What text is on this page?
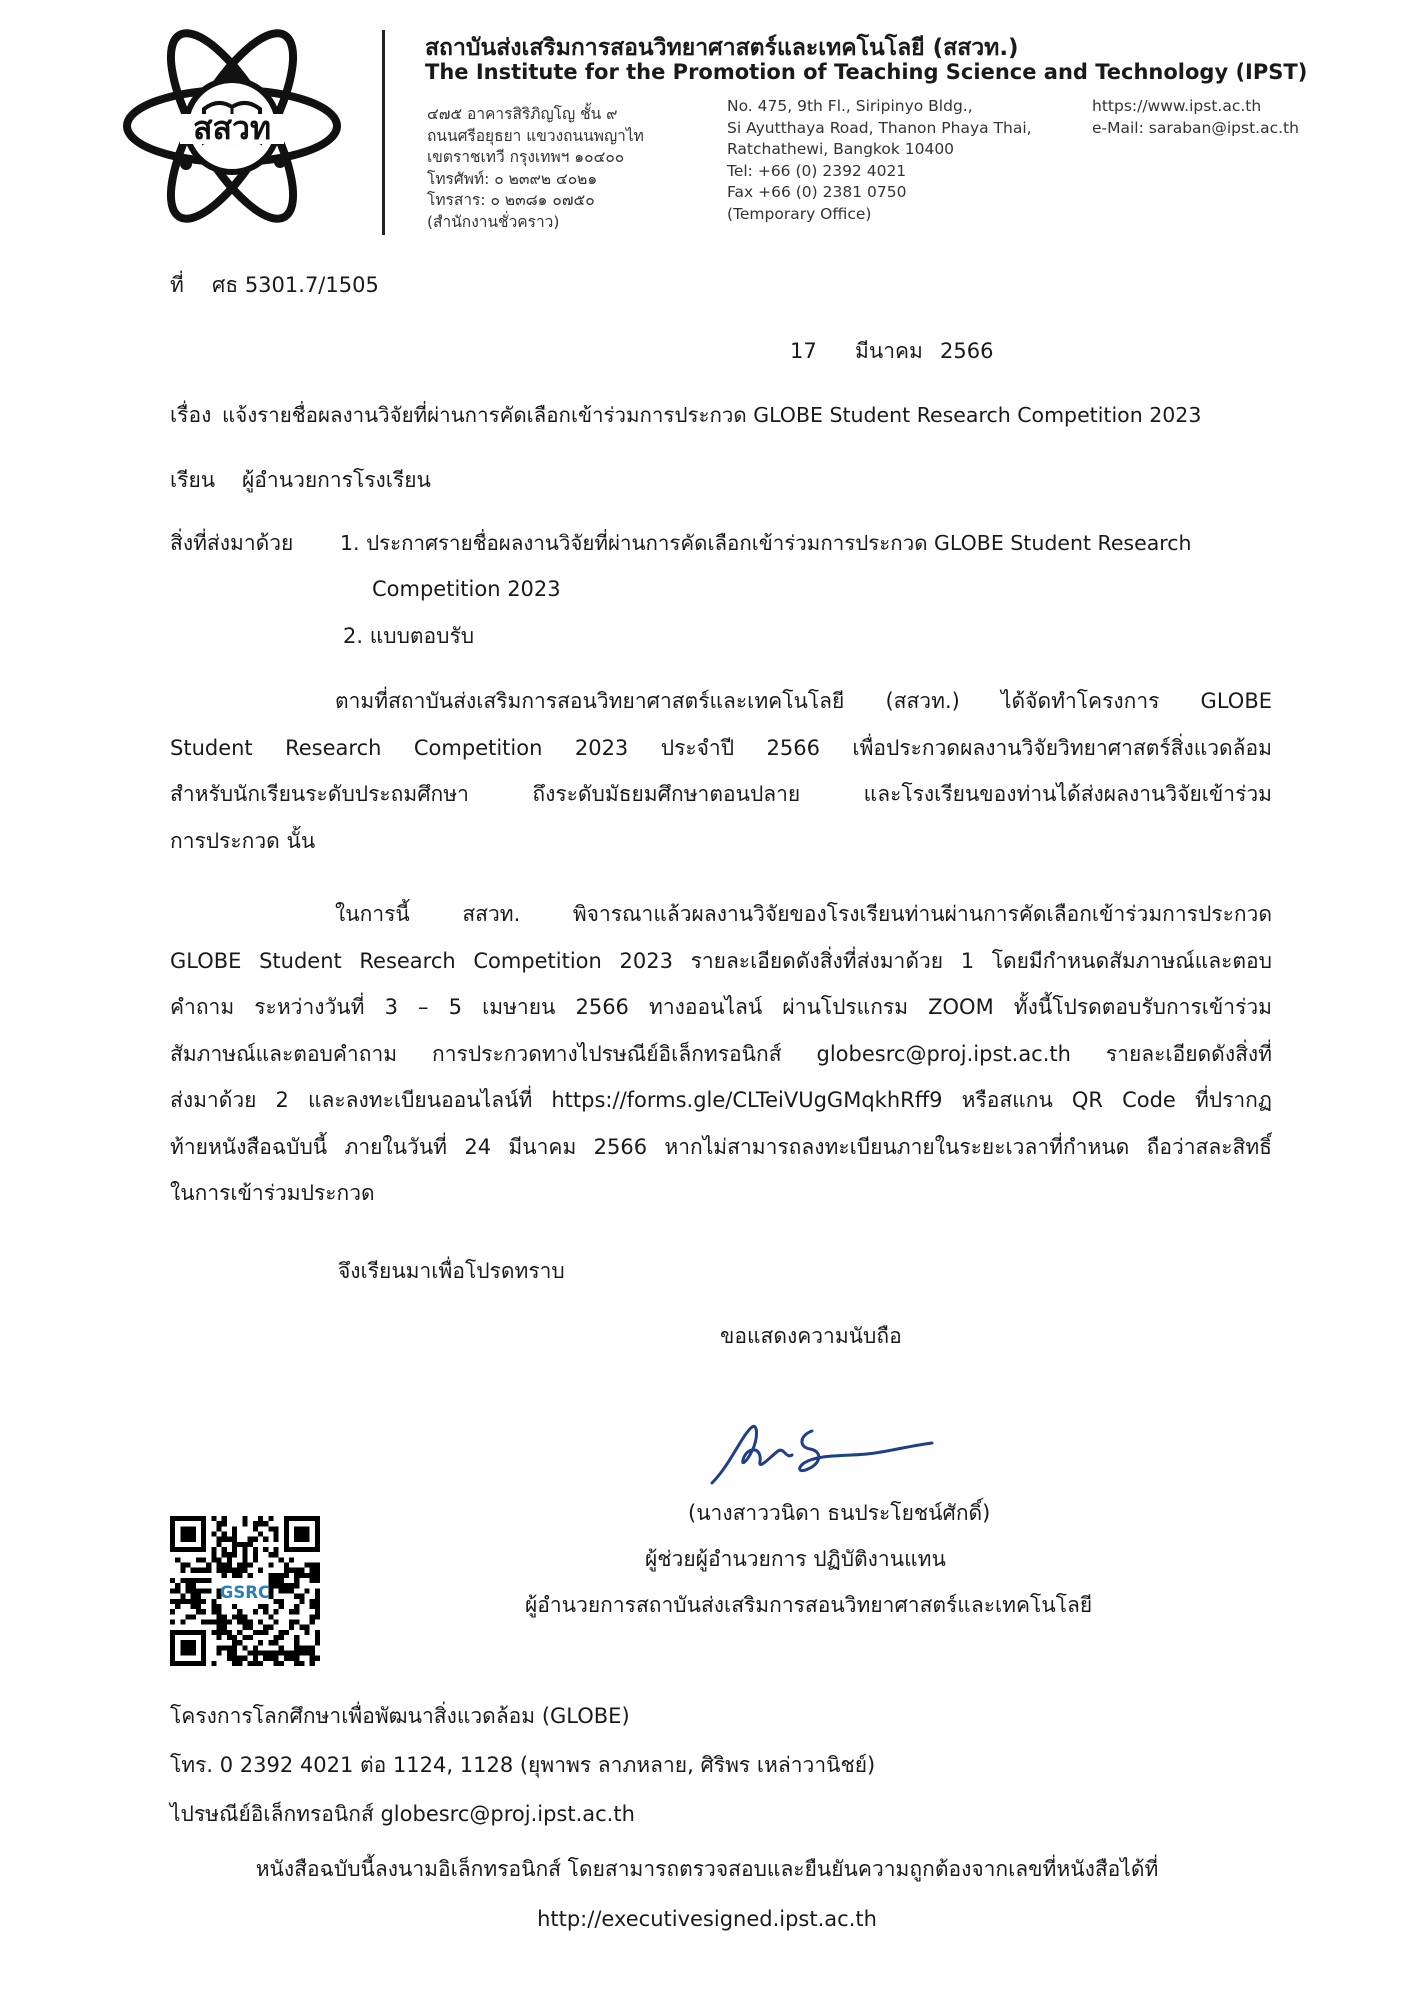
สสวท
สถาบันส่งเสริมการสอนวิทยาศาสตร์และเทคโนโลยี (สสวท.)
The Institute for the Promotion of Teaching Science and Technology (IPST)
๔๗๕ อาคารสิริภิญโญ ชั้น ๙
ถนนศรีอยุธยา แขวงถนนพญาไท
เขตราชเทวี กรุงเทพฯ ๑๐๔๐๐
โทรศัพท์: ๐ ๒๓๙๒ ๔๐๒๑
โทรสาร: ๐ ๒๓๘๑ ๐๗๕๐
(สำนักงานชั่วคราว)
No. 475, 9th Fl., Siripinyo Bldg.,
Si Ayutthaya Road, Thanon Phaya Thai,
Ratchathewi, Bangkok 10400
Tel: +66 (0) 2392 4021
Fax +66 (0) 2381 0750
(Temporary Office)
https://www.ipst.ac.th
e-Mail: saraban@ipst.ac.th
ที่ ศธ 5301.7/1505
17 มีนาคม 2566
เรื่อง แจ้งรายชื่อผลงานวิจัยที่ผ่านการคัดเลือกเข้าร่วมการประกวด GLOBE Student Research Competition 2023
เรียน ผู้อำนวยการโรงเรียน
สิ่งที่ส่งมาด้วย 1. ประกาศรายชื่อผลงานวิจัยที่ผ่านการคัดเลือกเข้าร่วมการประกวด GLOBE Student Research
Competition 2023
2. แบบตอบรับ
ตามที่สถาบันส่งเสริมการสอนวิทยาศาสตร์และเทคโนโลยี (สสวท.) ได้จัดทำโครงการ GLOBE
Student Research Competition 2023 ประจำปี 2566 เพื่อประกวดผลงานวิจัยวิทยาศาสตร์สิ่งแวดล้อม
สำหรับนักเรียนระดับประถมศึกษา ถึงระดับมัธยมศึกษาตอนปลาย และโรงเรียนของท่านได้ส่งผลงานวิจัยเข้าร่วม
การประกวด นั้น
ในการนี้ สสวท. พิจารณาแล้วผลงานวิจัยของโรงเรียนท่านผ่านการคัดเลือกเข้าร่วมการประกวด
GLOBE Student Research Competition 2023 รายละเอียดดังสิ่งที่ส่งมาด้วย 1 โดยมีกำหนดสัมภาษณ์และตอบ
คำถาม ระหว่างวันที่ 3 – 5 เมษายน 2566 ทางออนไลน์ ผ่านโปรแกรม ZOOM ทั้งนี้โปรดตอบรับการเข้าร่วม
สัมภาษณ์และตอบคำถาม การประกวดทางไปรษณีย์อิเล็กทรอนิกส์ globesrc@proj.ipst.ac.th รายละเอียดดังสิ่งที่
ส่งมาด้วย 2 และลงทะเบียนออนไลน์ที่ https://forms.gle/CLTeiVUgGMqkhRff9 หรือสแกน QR Code ที่ปรากฏ
ท้ายหนังสือฉบับนี้ ภายในวันที่ 24 มีนาคม 2566 หากไม่สามารถลงทะเบียนภายในระยะเวลาที่กำหนด ถือว่าสละสิทธิ์
ในการเข้าร่วมประกวด
จึงเรียนมาเพื่อโปรดทราบ
ขอแสดงความนับถือ
(นางสาววนิดา ธนประโยชน์ศักดิ์)
ผู้ช่วยผู้อำนวยการ ปฏิบัติงานแทน
ผู้อำนวยการสถาบันส่งเสริมการสอนวิทยาศาสตร์และเทคโนโลยี
GSRC
โครงการโลกศึกษาเพื่อพัฒนาสิ่งแวดล้อม (GLOBE)
โทร. 0 2392 4021 ต่อ 1124, 1128 (ยุพาพร ลาภหลาย, ศิริพร เหล่าวานิชย์)
ไปรษณีย์อิเล็กทรอนิกส์ globesrc@proj.ipst.ac.th
หนังสือฉบับนี้ลงนามอิเล็กทรอนิกส์ โดยสามารถตรวจสอบและยืนยันความถูกต้องจากเลขที่หนังสือได้ที่
http://executivesigned.ipst.ac.th
